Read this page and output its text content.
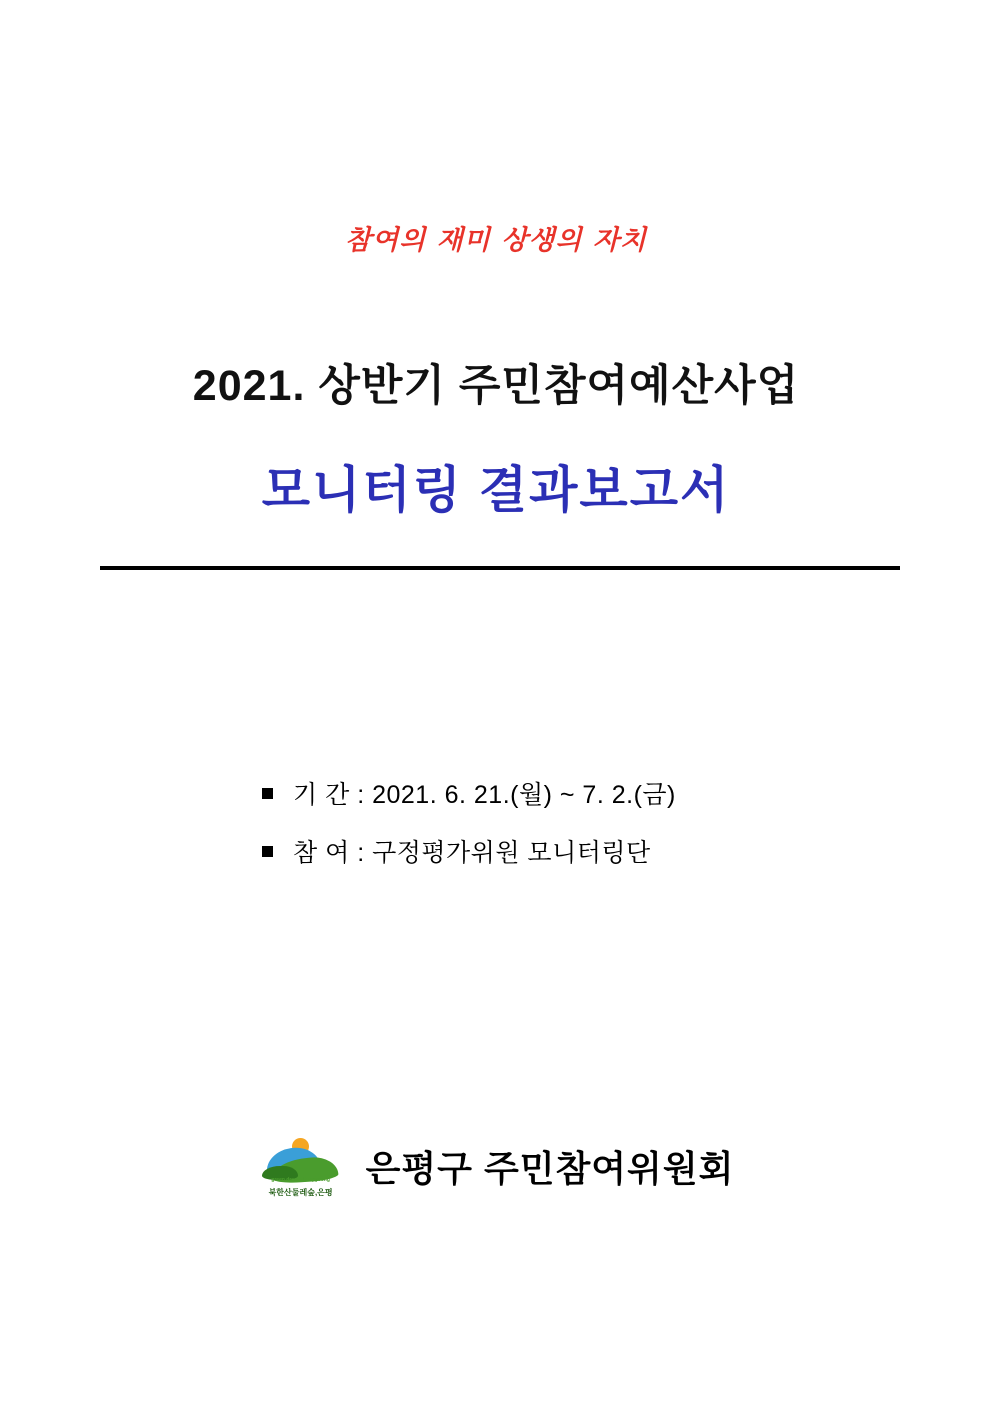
참여의 재미 상생의 자치
2021. 상반기 주민참여예산사업
모니터링 결과보고서
기 간 : 2021. 6. 21.(월) ~ 7. 2.(금)
참 여 : 구정평가위원 모니터링단
green dream Eunpyeong
북한산둘레숲,은평
은평구 주민참여위원회
